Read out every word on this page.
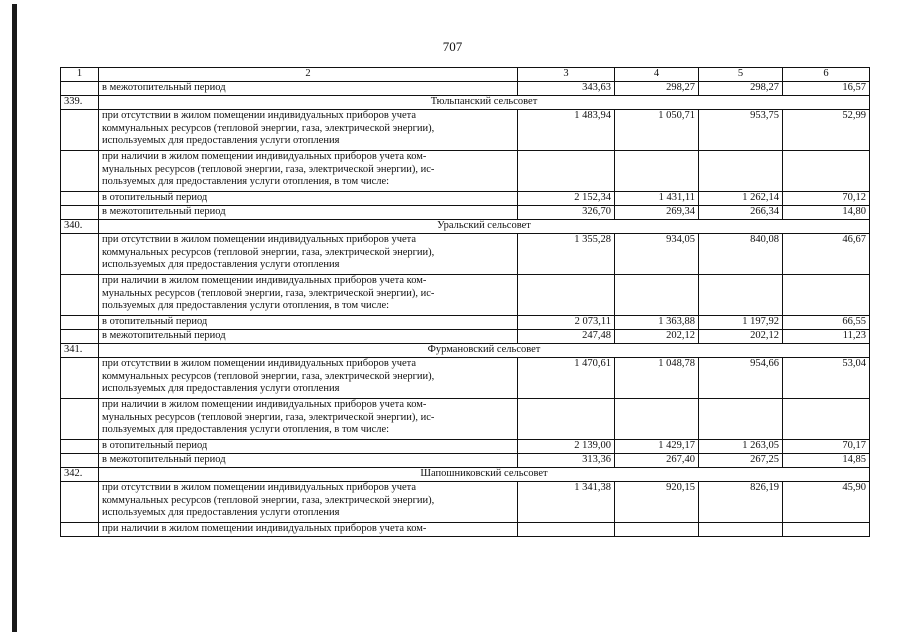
707
1	2	3	4	5	6

	в межотопительный период	343,63	298,27	298,27	16,57
339.	Тюльпанский сельсовет				

	при отсутствии в жилом помещении индивидуальных приборов учета
коммунальных ресурсов (тепловой энергии, газа, электрической энергии),
используемых для предоставления услуги отопления	1 483,94	1 050,71	953,75	52,99

	при наличии в жилом помещении индивидуальных приборов учета ком-
мунальных ресурсов (тепловой энергии, газа, электрической энергии), ис-
пользуемых для предоставления услуги отопления, в том числе:				

	в отопительный период	2 152,34	1 431,11	1 262,14	70,12

	в межотопительный период	326,70	269,34	266,34	14,80
340.	Уральский сельсовет				

	при отсутствии в жилом помещении индивидуальных приборов учета
коммунальных ресурсов (тепловой энергии, газа, электрической энергии),
используемых для предоставления услуги отопления	1 355,28	934,05	840,08	46,67

	при наличии в жилом помещении индивидуальных приборов учета ком-
мунальных ресурсов (тепловой энергии, газа, электрической энергии), ис-
пользуемых для предоставления услуги отопления, в том числе:				

	в отопительный период	2 073,11	1 363,88	1 197,92	66,55

	в межотопительный период	247,48	202,12	202,12	11,23
341.	Фурмановский сельсовет				

	при отсутствии в жилом помещении индивидуальных приборов учета
коммунальных ресурсов (тепловой энергии, газа, электрической энергии),
используемых для предоставления услуги отопления	1 470,61	1 048,78	954,66	53,04

	при наличии в жилом помещении индивидуальных приборов учета ком-
мунальных ресурсов (тепловой энергии, газа, электрической энергии), ис-
пользуемых для предоставления услуги отопления, в том числе:				

	в отопительный период	2 139,00	1 429,17	1 263,05	70,17

	в межотопительный период	313,36	267,40	267,25	14,85
342.	Шапошниковский сельсовет				

	при отсутствии в жилом помещении индивидуальных приборов учета
коммунальных ресурсов (тепловой энергии, газа, электрической энергии),
используемых для предоставления услуги отопления	1 341,38	920,15	826,19	45,90

	при наличии в жилом помещении индивидуальных приборов учета ком-				
